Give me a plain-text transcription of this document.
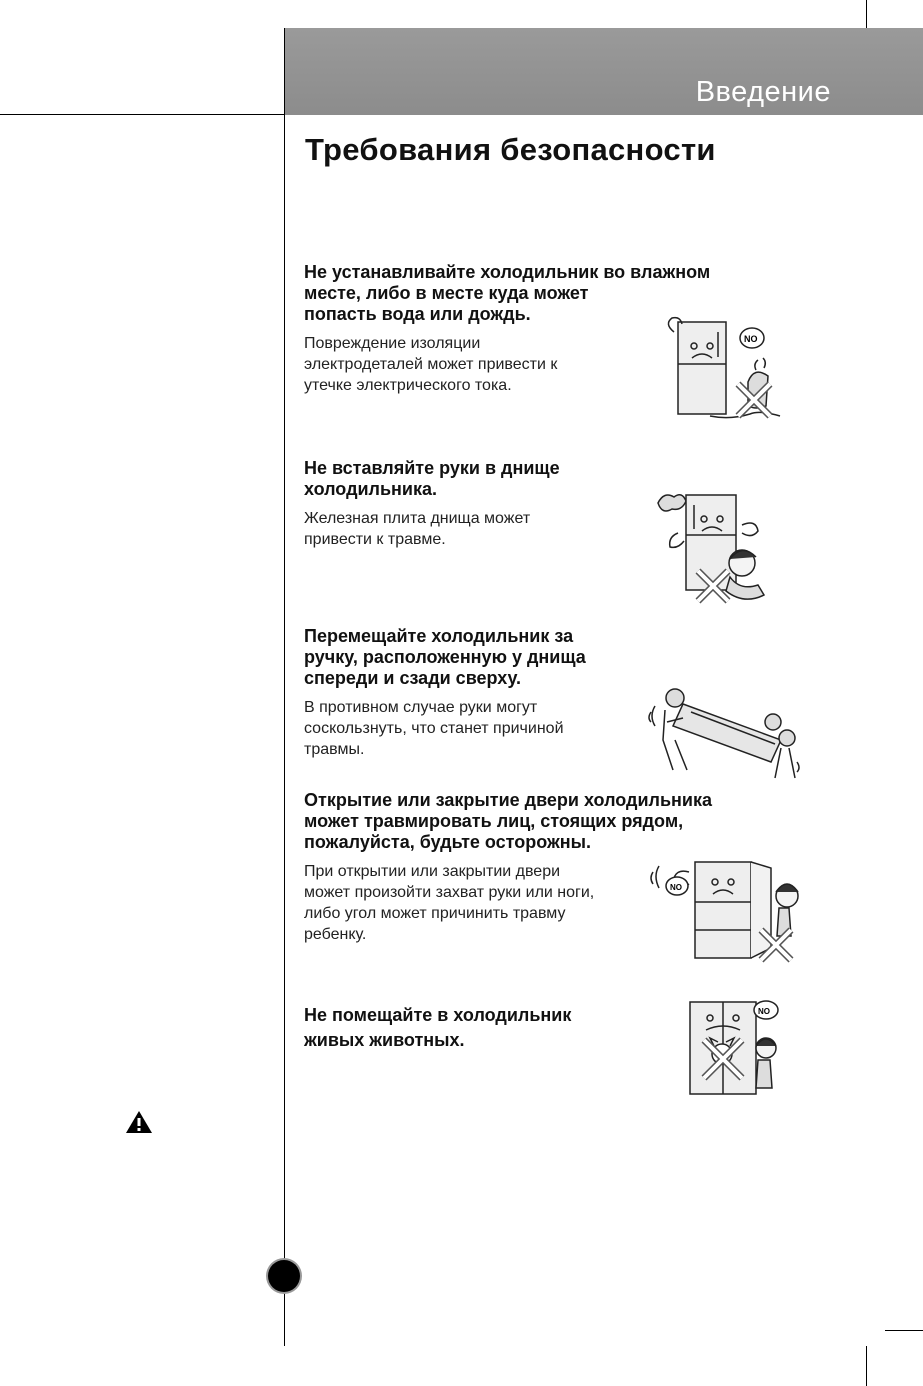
Введение
Требования безопасности
Не устанавливайте холодильник во влажном
месте, либо в месте куда может
попасть вода или дождь.

Повреждение изоляции
электродеталей может привести к
утечке электрического тока.

Не вставляйте руки в днище
холодильника.

Железная плита днища может
привести к травме.

Перемещайте холодильник за
ручку, расположенную у днища
спереди и сзади сверху.

В противном случае руки могут
соскользнуть, что станет причиной
травмы.

Открытие или закрытие двери холодильника
может травмировать лиц, стоящих рядом,
пожалуйста, будьте осторожны.

При открытии или закрытии двери
может произойти захват руки или ноги,
либо угол может причинить травму
ребенку.

Не помещайте в холодильник
живых животных.
NO
NO
NO
